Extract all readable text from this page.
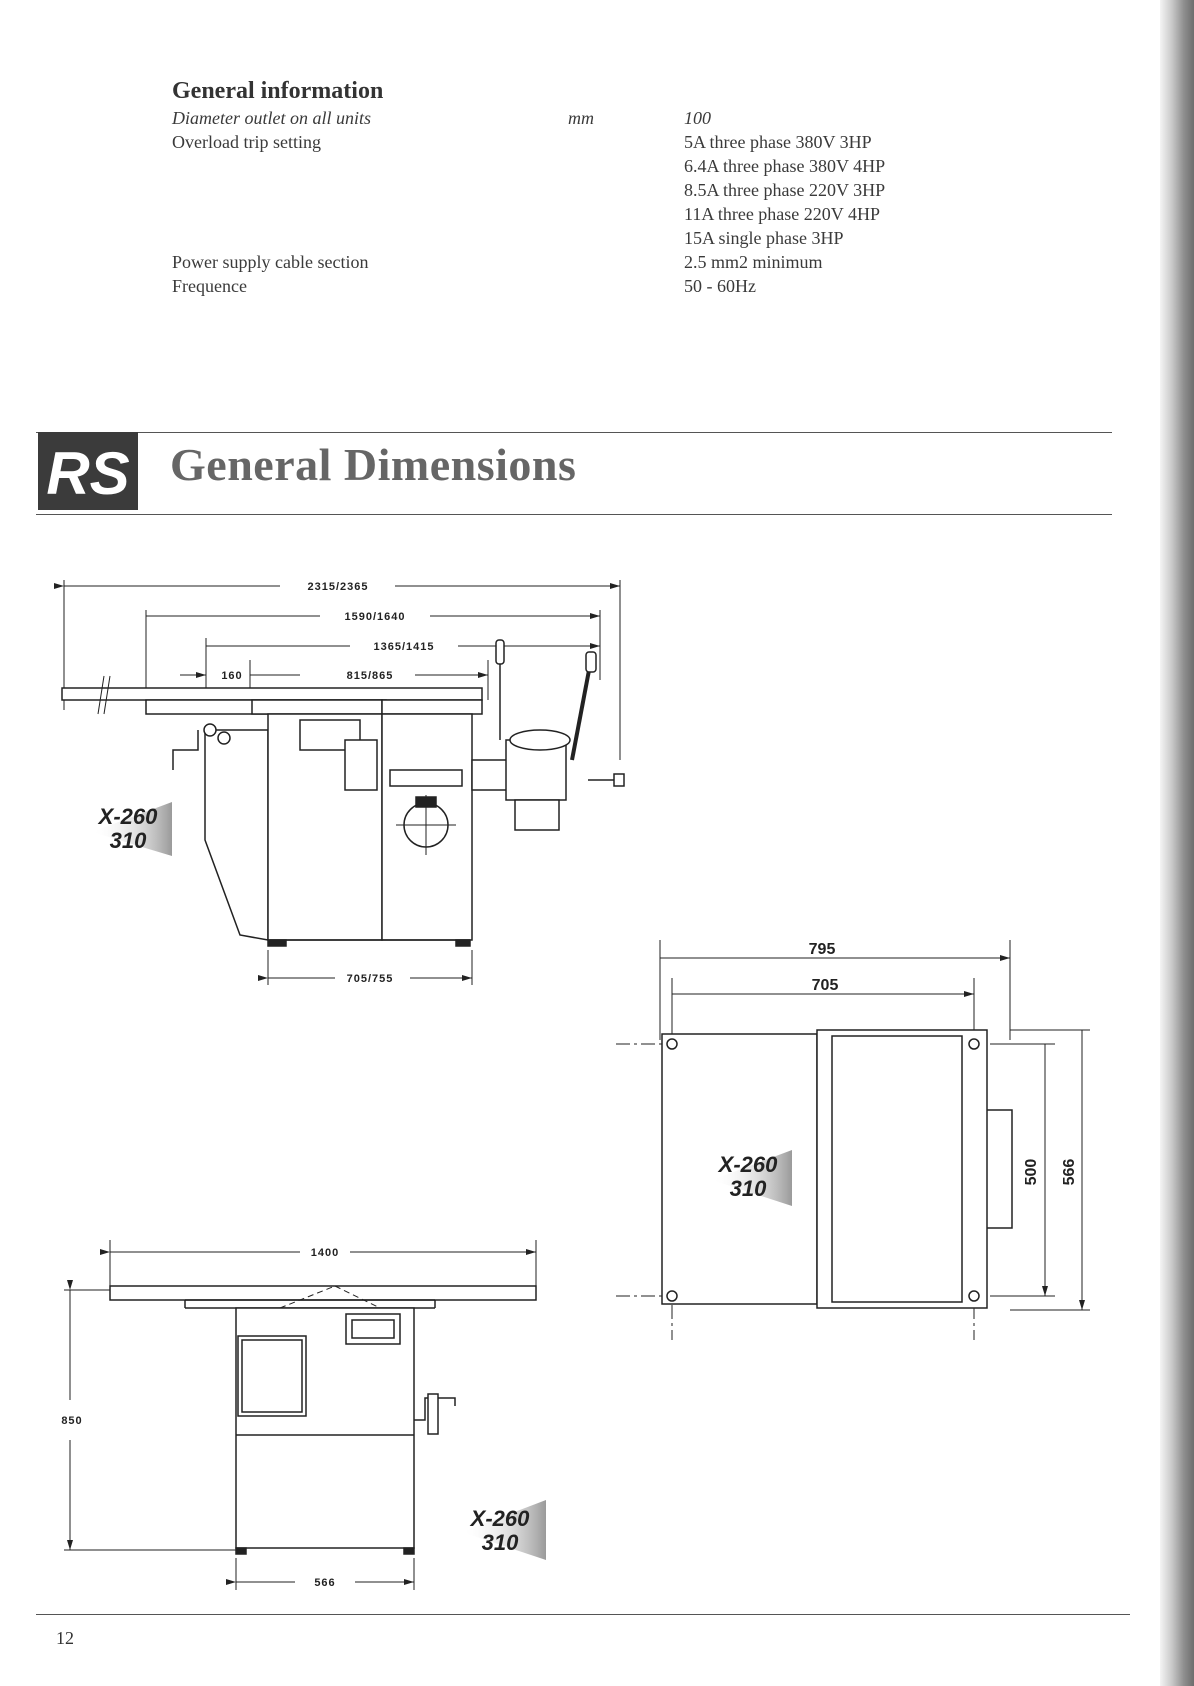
General information
Diameter outlet on all units	mm	100
Overload trip setting	5A three phase 380V 3HP
6.4A three phase 380V 4HP
8.5A three phase 220V 3HP
11A three phase 220V 4HP
15A single phase 3HP
Power supply cable section	2.5 mm2 minimum
Frequence	50 - 60Hz
RS General Dimensions
2315/2365
1590/1640
1365/1415
160	815/865
705/755
X-260
310
795
705
500 566
X-260
310
1400
850
566
X-260
310
12
